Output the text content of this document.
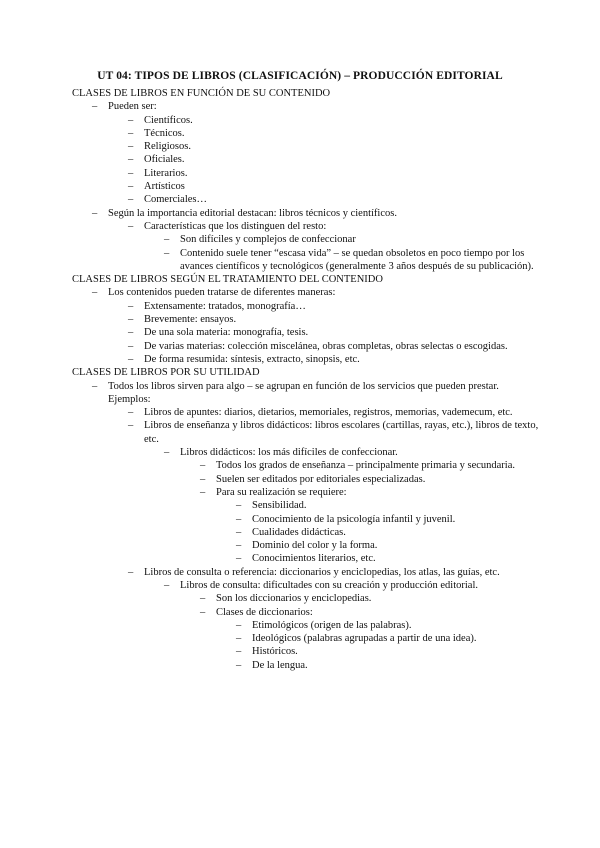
UT 04: TIPOS DE LIBROS (CLASIFICACIÓN) – PRODUCCIÓN EDITORIAL
CLASES DE LIBROS EN FUNCIÓN DE SU CONTENIDO
– Pueden ser:
– Científicos.
– Técnicos.
– Religiosos.
– Oficiales.
– Literarios.
– Artísticos
– Comerciales…
– Según la importancia editorial destacan: libros técnicos y científicos.
– Características que los distinguen del resto:
– Son difíciles y complejos de confeccionar
– Contenido suele tener “escasa vida” – se quedan obsoletos en poco tiempo por los avances científicos y tecnológicos (generalmente 3 años después de su publicación).
CLASES DE LIBROS SEGÚN EL TRATAMIENTO DEL CONTENIDO
– Los contenidos pueden tratarse de diferentes maneras:
– Extensamente: tratados, monografía…
– Brevemente: ensayos.
– De una sola materia: monografía, tesis.
– De varias materias: colección miscelánea, obras completas, obras selectas o escogidas.
– De forma resumida: síntesis, extracto, sinopsis, etc.
CLASES DE LIBROS POR SU UTILIDAD
– Todos los libros sirven para algo – se agrupan en función de los servicios que pueden prestar. Ejemplos:
– Libros de apuntes: diarios, dietarios, memoriales, registros, memorias, vademecum, etc.
– Libros de enseñanza y libros didácticos: libros escolares (cartillas, rayas, etc.), libros de texto, etc.
– Libros didácticos: los más difíciles de confeccionar.
– Todos los grados de enseñanza – principalmente primaria y secundaria.
– Suelen ser editados por editoriales especializadas.
– Para su realización se requiere:
– Sensibilidad.
– Conocimiento de la psicología infantil y juvenil.
– Cualidades didácticas.
– Dominio del color y la forma.
– Conocimientos literarios, etc.
– Libros de consulta o referencia: diccionarios y enciclopedias, los atlas, las guías, etc.
– Libros de consulta: dificultades con su creación y producción editorial.
– Son los diccionarios y enciclopedias.
– Clases de diccionarios:
– Etimológicos (origen de las palabras).
– Ideológicos (palabras agrupadas a partir de una idea).
– Históricos.
– De la lengua.
